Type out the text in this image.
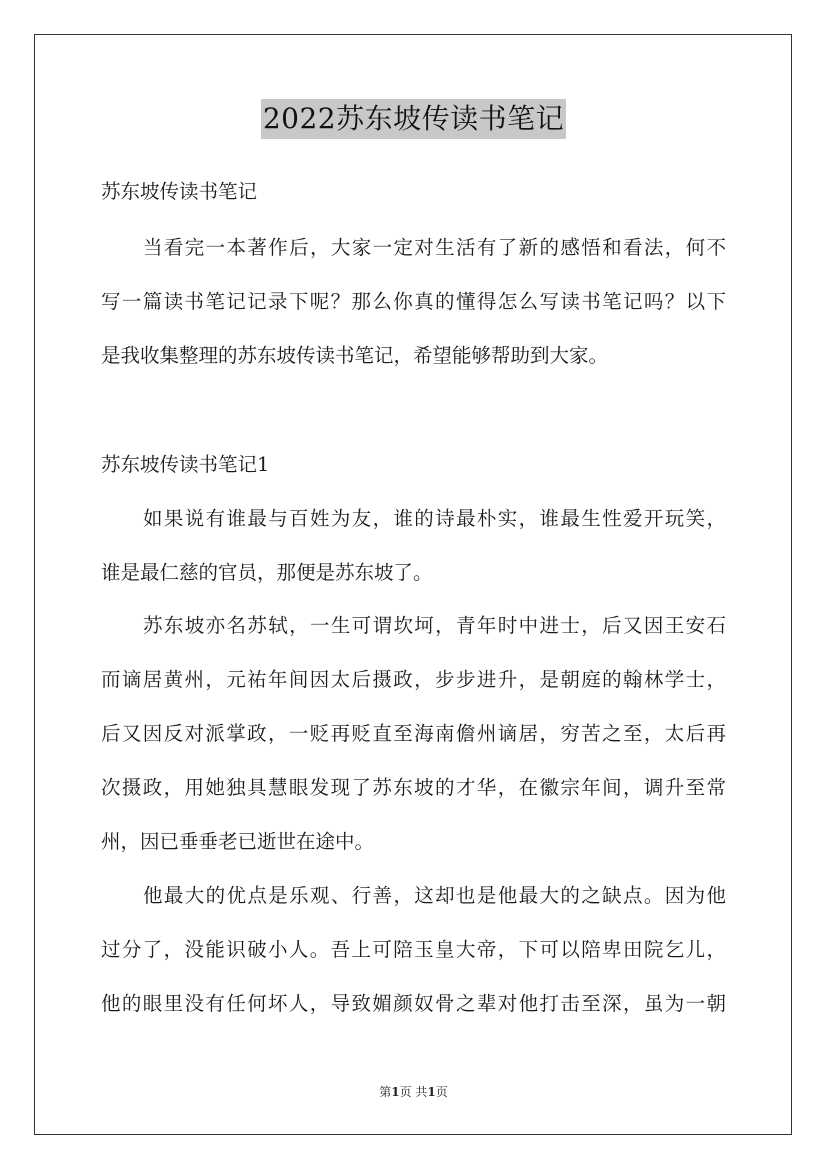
2022苏东坡传读书笔记
苏东坡传读书笔记
当看完一本著作后，大家一定对生活有了新的感悟和看法，何不
写一篇读书笔记记录下呢？那么你真的懂得怎么写读书笔记吗？以下
是我收集整理的苏东坡传读书笔记，希望能够帮助到大家。
苏东坡传读书笔记1
如果说有谁最与百姓为友，谁的诗最朴实，谁最生性爱开玩笑，
谁是最仁慈的官员，那便是苏东坡了。
苏东坡亦名苏轼，一生可谓坎坷，青年时中进士，后又因王安石
而谪居黄州，元祐年间因太后摄政，步步进升，是朝庭的翰林学士，
后又因反对派掌政，一贬再贬直至海南儋州谪居，穷苦之至，太后再
次摄政，用她独具慧眼发现了苏东坡的才华，在徽宗年间，调升至常
州，因已垂垂老已逝世在途中。
他最大的优点是乐观、行善，这却也是他最大的之缺点。因为他
过分了，没能识破小人。吾上可陪玉皇大帝，下可以陪卑田院乞儿，
他的眼里没有任何坏人，导致媚颜奴骨之辈对他打击至深，虽为一朝
第1页 共1页
